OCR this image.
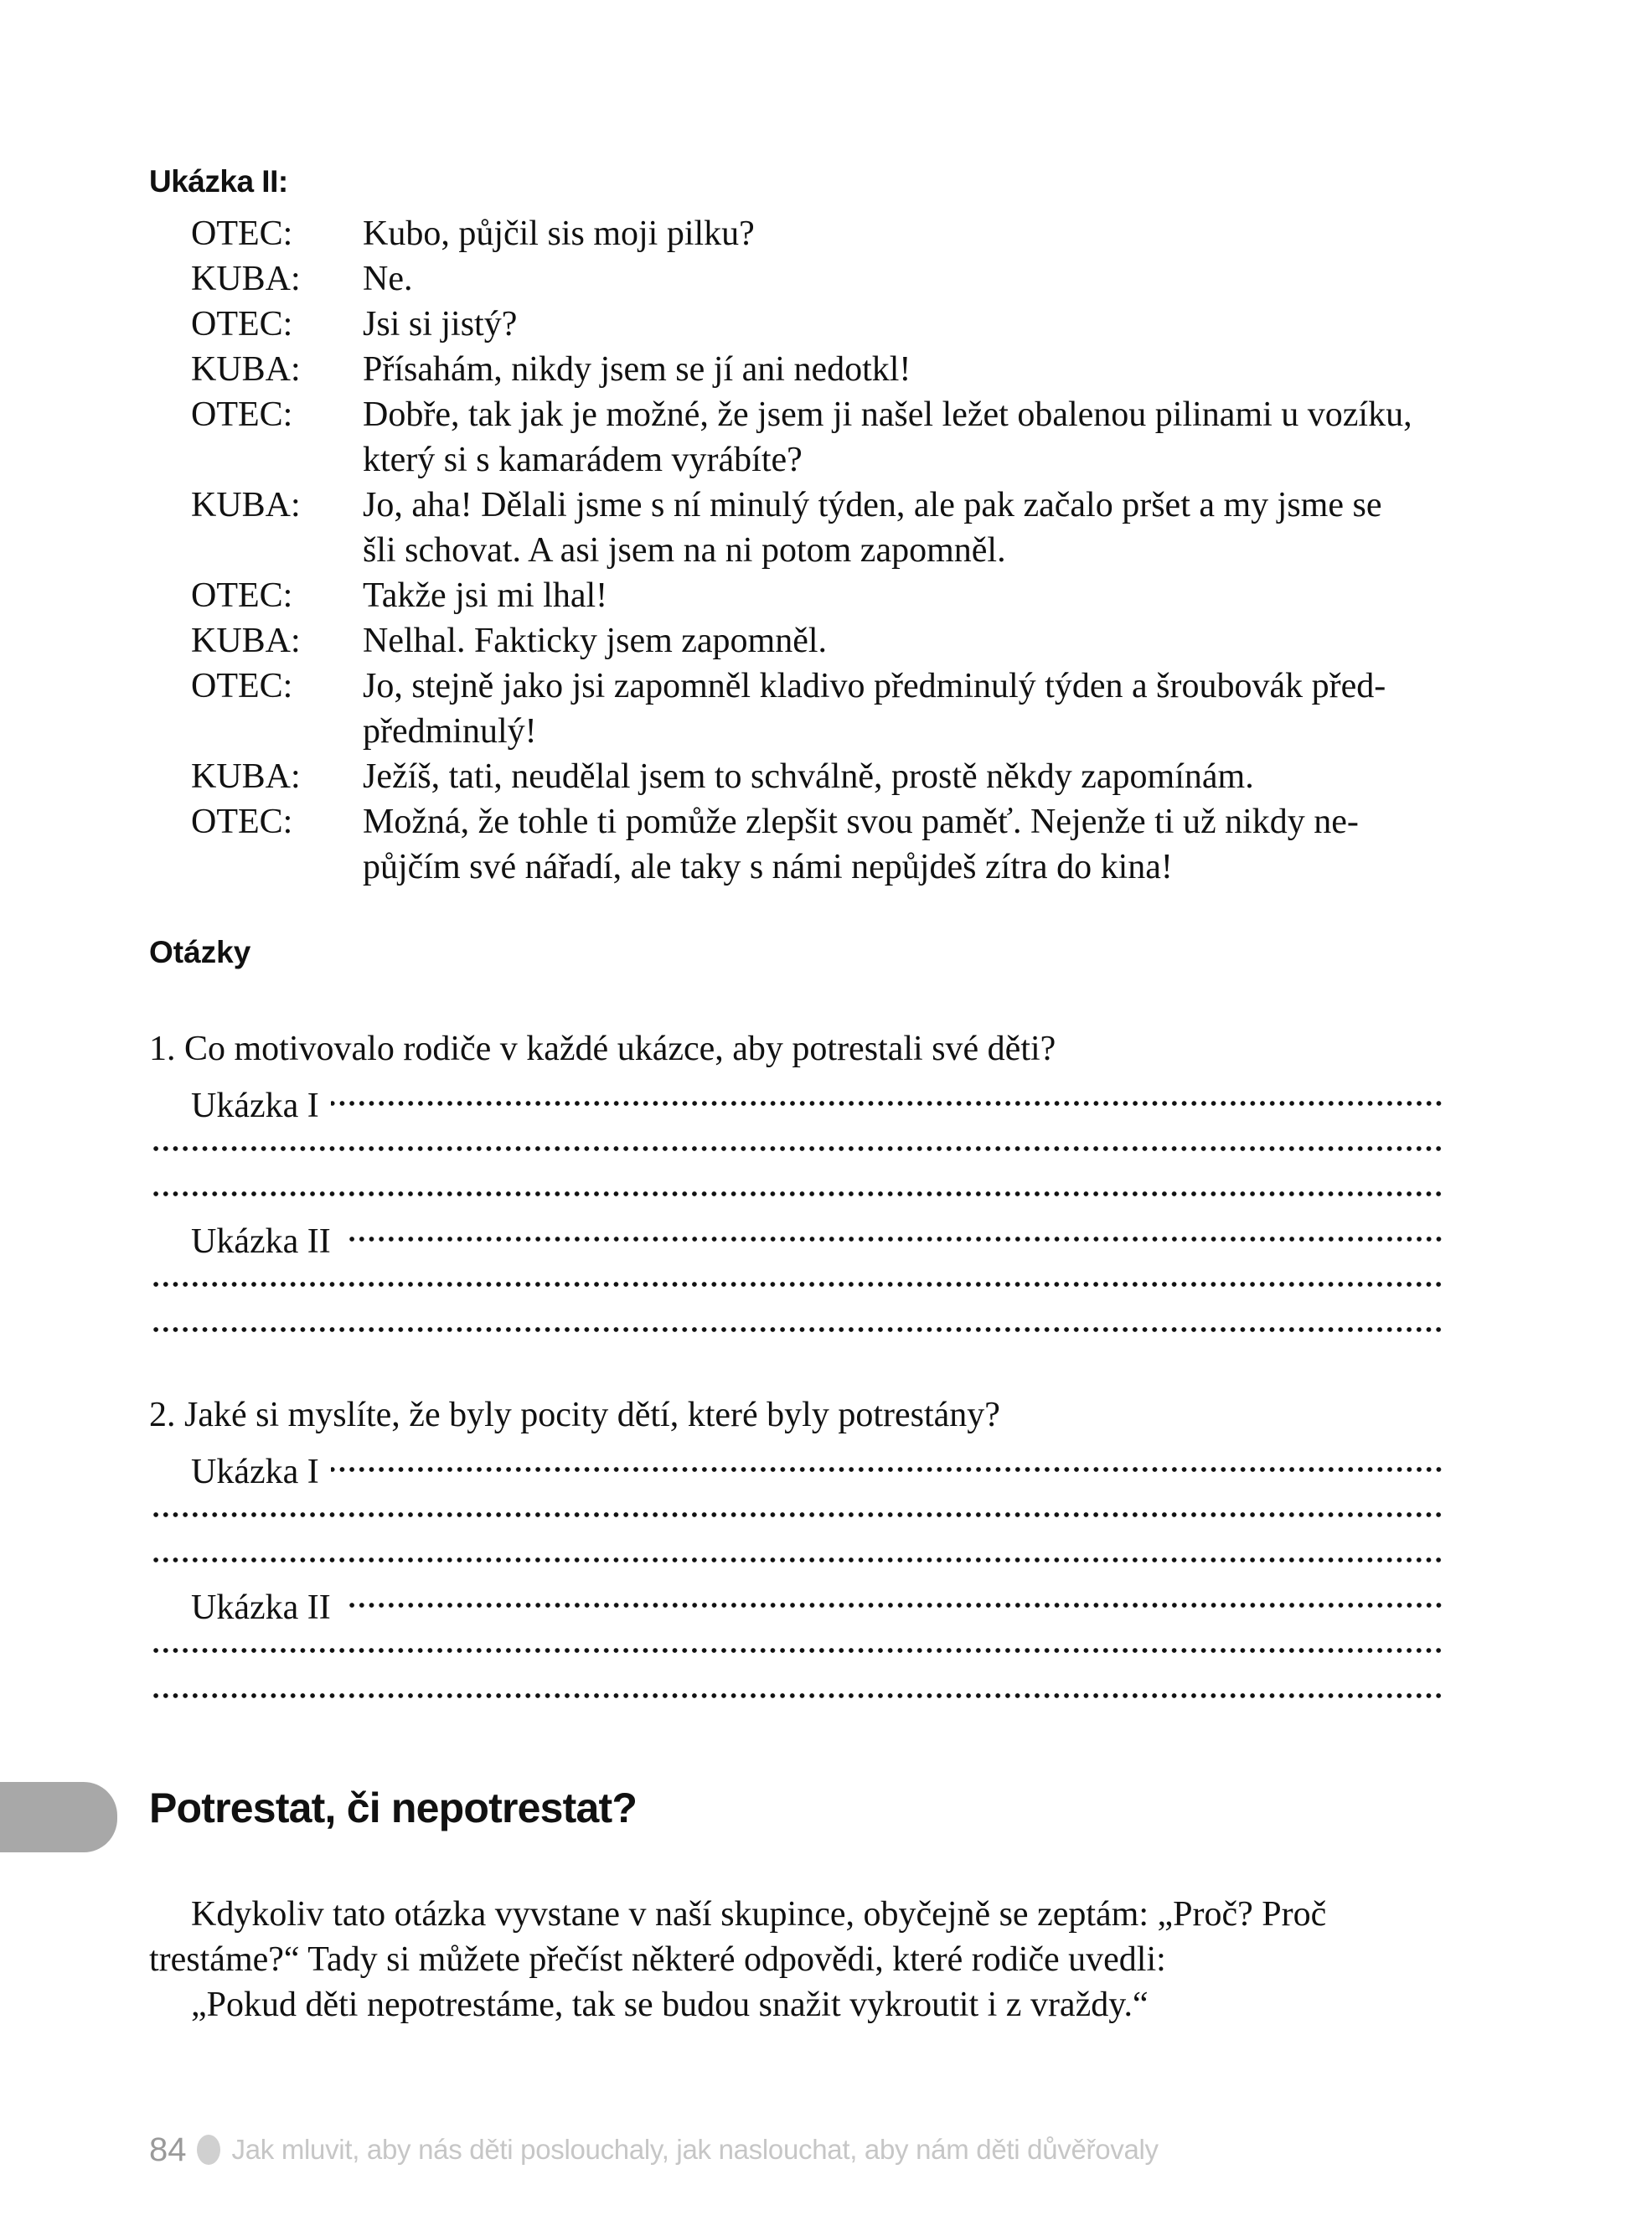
Ukázka II:
OTEC:	Kubo, půjčil sis moji pilku?
KUBA:	Ne.
OTEC:	Jsi si jistý?
KUBA:	Přísahám, nikdy jsem se jí ani nedotkl!
OTEC:	Dobře, tak jak je možné, že jsem ji našel ležet obalenou pilinami u vozíku,
který si s kamarádem vyrábíte?
KUBA:	Jo, aha! Dělali jsme s ní minulý týden, ale pak začalo pršet a my jsme se
šli schovat. A asi jsem na ni potom zapomněl.
OTEC:	Takže jsi mi lhal!
KUBA:	Nelhal. Fakticky jsem zapomněl.
OTEC:	Jo, stejně jako jsi zapomněl kladivo předminulý týden a šroubovák před-
předminulý!
KUBA:	Ježíš, tati, neudělal jsem to schválně, prostě někdy zapomínám.
OTEC:	Možná, že tohle ti pomůže zlepšit svou paměť. Nejenže ti už nikdy ne-
půjčím své nářadí, ale taky s námi nepůjdeš zítra do kina!
Otázky
1. Co motivovalo rodiče v každé ukázce, aby potrestali své děti?
Ukázka I
Ukázka II
2. Jaké si myslíte, že byly pocity dětí, které byly potrestány?
Ukázka I
Ukázka II
Potrestat, či nepotrestat?
Kdykoliv tato otázka vyvstane v naší skupince, obyčejně se zeptám: „Proč? Proč
trestáme?“ Tady si můžete přečíst některé odpovědi, které rodiče uvedli:
„Pokud děti nepotrestáme, tak se budou snažit vykroutit i z vraždy.“
84 Jak mluvit, aby nás děti poslouchaly, jak naslouchat, aby nám děti důvěřovaly
